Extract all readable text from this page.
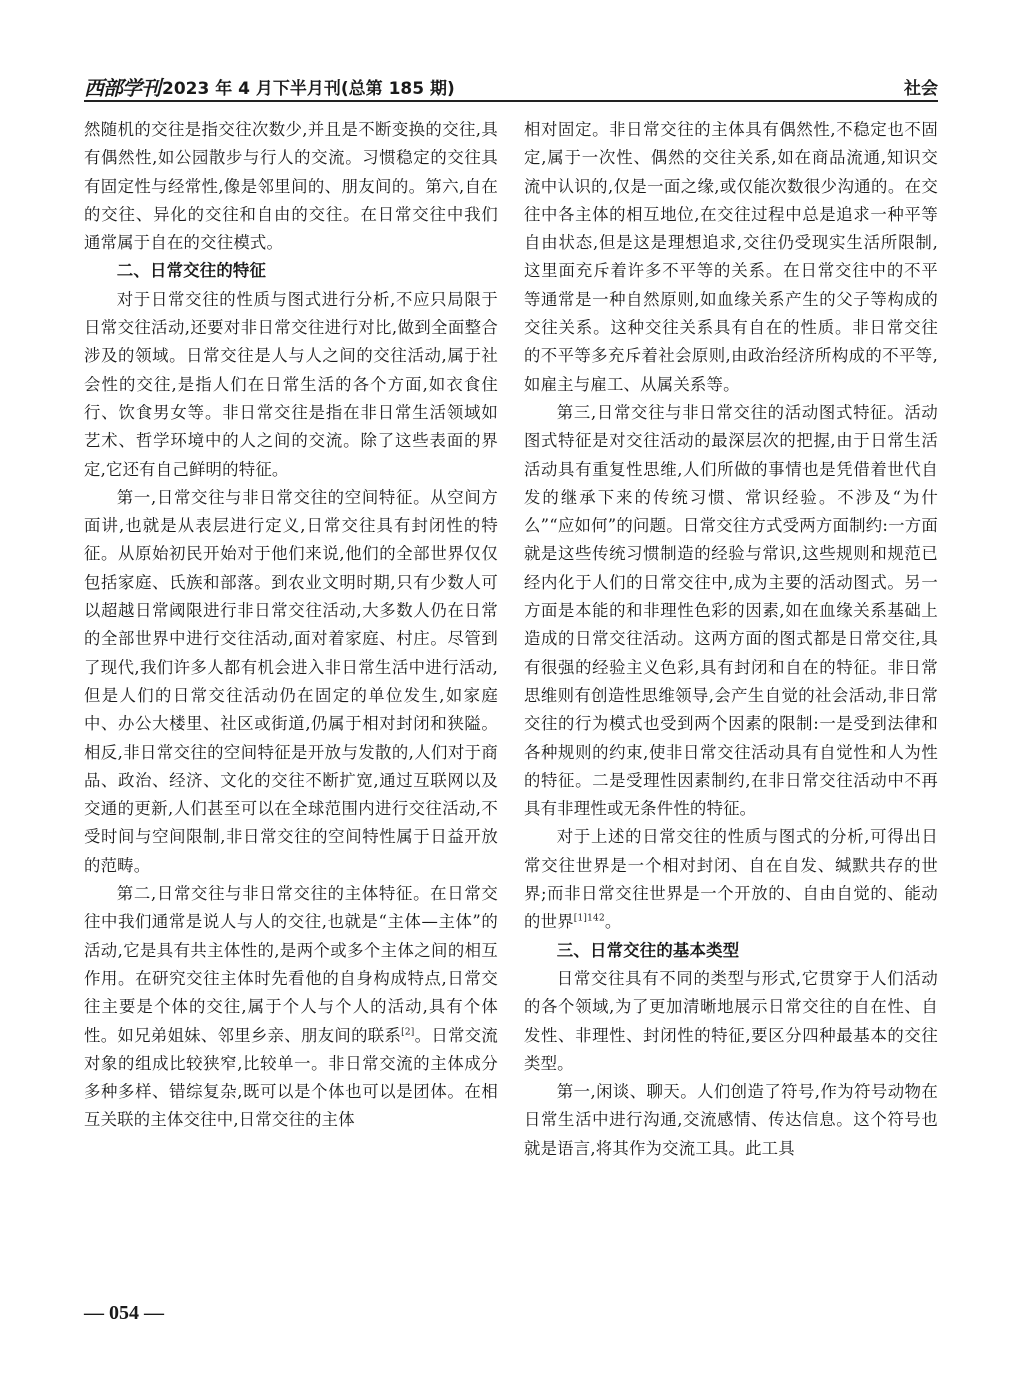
西部学刊 2023 年 4 月下半月刊(总第 185 期)	社会

然随机的交往是指交往次数少,并且是不断变换的交往,具有偶然性,如公园散步与行人的交流。习惯稳定的交往具有固定性与经常性,像是邻里间的、朋友间的。第六,自在的交往、异化的交往和自由的交往。在日常交往中我们通常属于自在的交往模式。

二、日常交往的特征

对于日常交往的性质与图式进行分析,不应只局限于日常交往活动,还要对非日常交往进行对比,做到全面整合涉及的领域。日常交往是人与人之间的交往活动,属于社会性的交往,是指人们在日常生活的各个方面,如衣食住行、饮食男女等。非日常交往是指在非日常生活领域如艺术、哲学环境中的人之间的交流。除了这些表面的界定,它还有自己鲜明的特征。

第一,日常交往与非日常交往的空间特征。从空间方面讲,也就是从表层进行定义,日常交往具有封闭性的特征。从原始初民开始对于他们来说,他们的全部世界仅仅包括家庭、氏族和部落。到农业文明时期,只有少数人可以超越日常阈限进行非日常交往活动,大多数人仍在日常的全部世界中进行交往活动,面对着家庭、村庄。尽管到了现代,我们许多人都有机会进入非日常生活中进行活动,但是人们的日常交往活动仍在固定的单位发生,如家庭中、办公大楼里、社区或街道,仍属于相对封闭和狭隘。相反,非日常交往的空间特征是开放与发散的,人们对于商品、政治、经济、文化的交往不断扩宽,通过互联网以及交通的更新,人们甚至可以在全球范围内进行交往活动,不受时间与空间限制,非日常交往的空间特性属于日益开放的范畴。

第二,日常交往与非日常交往的主体特征。在日常交往中我们通常是说人与人的交往,也就是“主体—主体”的活动,它是具有共主体性的,是两个或多个主体之间的相互作用。在研究交往主体时先看他的自身构成特点,日常交往主要是个体的交往,属于个人与个人的活动,具有个体性。如兄弟姐妹、邻里乡亲、朋友间的联系[2]。日常交流对象的组成比较狭窄,比较单一。非日常交流的主体成分多种多样、错综复杂,既可以是个体也可以是团体。在相互关联的主体交往中,日常交往的主体

相对固定。非日常交往的主体具有偶然性,不稳定也不固定,属于一次性、偶然的交往关系,如在商品流通,知识交流中认识的,仅是一面之缘,或仅能次数很少沟通的。在交往中各主体的相互地位,在交往过程中总是追求一种平等自由状态,但是这是理想追求,交往仍受现实生活所限制,这里面充斥着许多不平等的关系。在日常交往中的不平等通常是一种自然原则,如血缘关系产生的父子等构成的交往关系。这种交往关系具有自在的性质。非日常交往的不平等多充斥着社会原则,由政治经济所构成的不平等,如雇主与雇工、从属关系等。

第三,日常交往与非日常交往的活动图式特征。活动图式特征是对交往活动的最深层次的把握,由于日常生活活动具有重复性思维,人们所做的事情也是凭借着世代自发的继承下来的传统习惯、常识经验。不涉及“为什么”“应如何”的问题。日常交往方式受两方面制约:一方面就是这些传统习惯制造的经验与常识,这些规则和规范已经内化于人们的日常交往中,成为主要的活动图式。另一方面是本能的和非理性色彩的因素,如在血缘关系基础上造成的日常交往活动。这两方面的图式都是日常交往,具有很强的经验主义色彩,具有封闭和自在的特征。非日常思维则有创造性思维领导,会产生自觉的社会活动,非日常交往的行为模式也受到两个因素的限制:一是受到法律和各种规则的约束,使非日常交往活动具有自觉性和人为性的特征。二是受理性因素制约,在非日常交往活动中不再具有非理性或无条件性的特征。

对于上述的日常交往的性质与图式的分析,可得出日常交往世界是一个相对封闭、自在自发、缄默共存的世界;而非日常交往世界是一个开放的、自由自觉的、能动的世界$^{[1]142}$。

三、日常交往的基本类型

日常交往具有不同的类型与形式,它贯穿于人们活动的各个领域,为了更加清晰地展示日常交往的自在性、自发性、非理性、封闭性的特征,要区分四种最基本的交往类型。

第一,闲谈、聊天。人们创造了符号,作为符号动物在日常生活中进行沟通,交流感情、传达信息。这个符号也就是语言,将其作为交流工具。此工具

— 054 —
